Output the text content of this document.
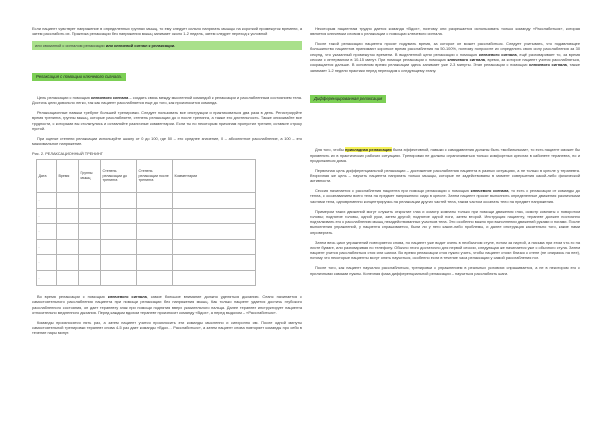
Если пациент чувствует напряжение в определенных группах мышц, то ему следует сильно напрягать мышцы на короткий промежуток времени, а затем расслабить их. Практика релаксации без напряжения мышц занимает около 1-2 недель, затем следует переход к условной

или связанной с сигналом релаксации или ключевой сигнал к релаксации.

Релаксация с помощью ключевого сигнала.

Цель релаксации с помощью ключевого сигнала – создать связь между мысленной командой к релаксации и расслабленным состоянием тела. Достичь цели довольно легко, так как пациент расслабляется еще до того, как произносится команда.

Релаксационные навыки требуют большей тренировки. Следует пользовать все инструкции и практиковаться два раза в день. Регистрируйте время тренинга, группы мышц, которые расслабляете, степень релаксации до и после тренинга, а также его длительность. Также описывайте все трудности, с которыми вы столкнулись и оставляйте различные комментарии. Если ты по некоторым причинам пропустил тренинг, оставьте строку пустой.

При оценке степени релаксации используйте шкалу от 0 до 100, где 50 – это среднее значение, 0 – абсолютное расслабление, а 100 – это максимальное напряжение.

Рис. 2. РЕЛАКСАЦИОННЫЙ ТРЕНИНГ
Дата	Время	Группы мышц	Степень релаксации до тренинга	Степень релаксации после тренинга	Комментарии
.					
.					
.					
.					
.					
.					

Во время релаксации с помощью ключевого сигнала, самое большое внимание должно уделяться дыханию. Сеанс начинается с самостоятельного расслабления пациента при помощи релаксации без напряжения мышц. Как только пациент удается достичь глубокого расслабленного состояния, он дает терапевту знак при помощи поднятия вверх указательного пальца. Далее терапевт инструктирует пациента относительно медленного дыхания. Перед каждым вдохом терапевт произносит команду «Вдох», а перед выдохом – «Расслабиться».

Команды произносятся пять раз, а затем пациент учится произносить эти команды мысленно и синхронно им. После одной минуты самостоятельной тренировки терапевт снова 4-5 раз дает команды «Вдох… Расслабиться», а затем пациент снова повторяет команды про себя в течение пары минут.

Некоторым пациентам трудно дается команда «Вдох», поэтому они разрешается использовать только команду «Расслабиться», которая является ключевым словом к релаксации с помощью ключевого сигнала.

После такой релаксации пациента просят подумать время, за которое он может расслабиться. Следует учитывать, что подавляющее большинство пациентов принимают короткое время расслабления на 50-100%, поэтому попросите их определить свою силу расслабления за 30 секунд, что указанный промежуток времени. В выделенной цепи релаксации с помощью ключевого сигнала, ещё разговаривает то, за время сессии с интервалом в 10-15 минут. При помощи релаксации с помощью ключевого сигнала, время, за которое пациент учится расслабляться, сокращается дальше. В основном время релаксации здесь занимает уже 2-3 минуты. Этап релаксации с помощью ключевого сигнала, также занимает 1-2 недели практики перед переходом к следующему этапу.

Дифференцированная релаксация

Для того, чтобы прикладная релаксация была эффективной, навыки с самодавления должны быть «мобильными», то есть пациент сможет бы применять их в практических рабочих ситуациях. Тренировки не должны ограничиваться только комфортных креслах в кабинете терапевта, но и продолжаться дома.

Первичная цель дифференциальной релаксации – достижение расслабления пациента в разных ситуациях, а не только в кресле у терапевта. Вторичная же цель – научить пациента напрягать только мышцы, которые не задействованы в момент совершения какой-либо физической активности.

Сессия начинается с расслабления пациента при помощи релаксации с помощью ключевого сигнала, то есть с релаксации от команды до тепла, с осознаванием всего тела на предмет напряжения: сидя в кресле. Затем пациент просят выполнить определенные движения различными частями тела, одновременно концентрируясь на релаксации других частей тела, таким частом осознать тело на предмет напряжения.

Примером таких движений могут служить открытие глаз и осмотр комнаты только при помощи движения глаз, осмотр комнаты с поворотом головы; поднятие головы, одной руки, затем другой; поднятие одной ноги, затем второй. Инструкция пациенту, терапевт должен постоянно подталкивать его к расслаблению мышц незадействованных участков тела. Это особенно важно при выполнении движений руками и ногами. После выполнения упражнений, у пациента спрашивается, были ли у него какие-либо проблемы, и далее инструкция касательно того, какие нами опровергать.

Затем весь цикл упражнений повторяется снова, но пациент уже водит очень в необычном стуле, потом за партой, а письма при этом что-то на листе бумаге, или разговаривая по телефону. Обычно этого достаточно для первой сессии, следующая же начинается уже с обычного стула. Затем пациент учится расслабляться стоя или шагом. Во время релаксации стоя нужно учить, чтобы пациент стоял близко к стене (не опираясь на нее), потому что некоторые пациенты могут опять научиться, особенно если в течение часа релаксации у самой расслабления ног.

После того, как пациент научился расслабляться, тренировки с упражнением в реальных условиях спрашивается, а не в некотором его с приличными самыми нужны. Конечная фаза дифференциальной релаксации – научиться расслаблять шаги.
